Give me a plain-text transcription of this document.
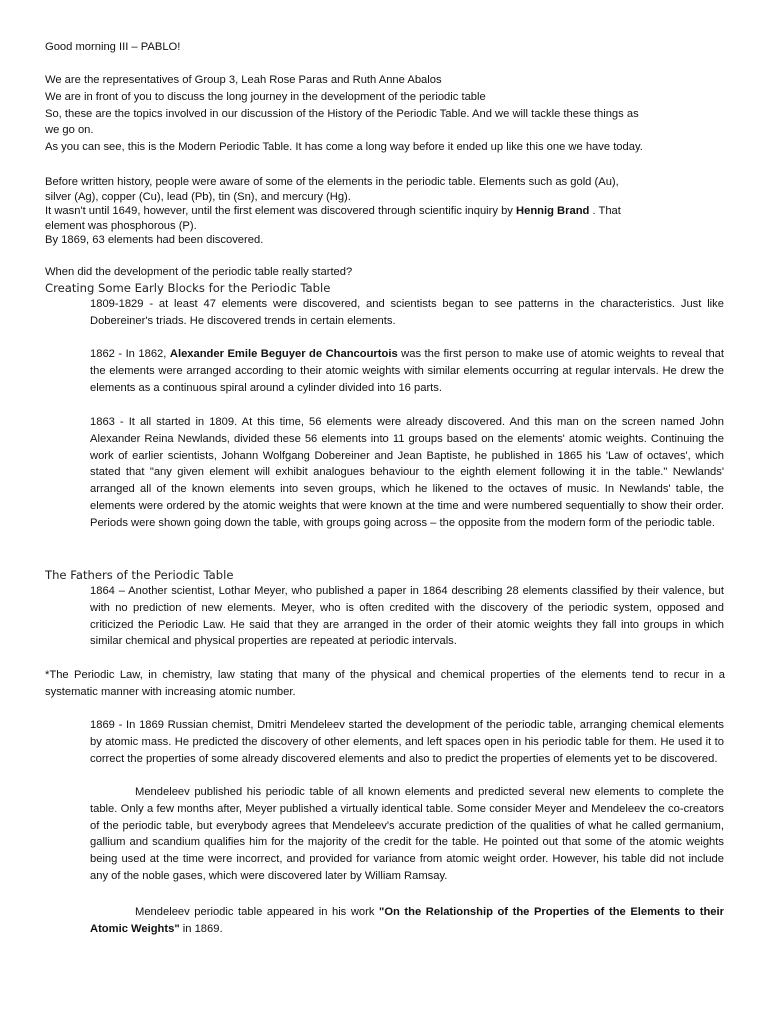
Good morning III – PABLO!
We are the representatives of Group 3, Leah Rose Paras and Ruth Anne Abalos
We are in front of you to discuss the long journey in the development of the periodic table
So, these are the topics involved in our discussion of the History of the Periodic Table. And we will tackle these things as
we go on.
As you can see, this is the Modern Periodic Table. It has come a long way before it ended up like this one we have today.
Before written history, people were aware of some of the elements in the periodic table. Elements such as gold (Au),
silver (Ag), copper (Cu), lead (Pb), tin (Sn), and mercury (Hg).
It wasn't until 1649, however, until the first element was discovered through scientific inquiry by Hennig Brand . That
element was phosphorous (P).
By 1869, 63 elements had been discovered.
When did the development of the periodic table really started?
Creating Some Early Blocks for the Periodic Table
1809-1829 - at least 47 elements were discovered, and scientists began to see patterns in the characteristics. Just like Dobereiner's triads. He discovered trends in certain elements.
1862 - In 1862, Alexander Emile Beguyer de Chancourtois was the first person to make use of atomic weights to reveal that the elements were arranged according to their atomic weights with similar elements occurring at regular intervals. He drew the elements as a continuous spiral around a cylinder divided into 16 parts.
1863 - It all started in 1809. At this time, 56 elements were already discovered. And this man on the screen named John Alexander Reina Newlands, divided these 56 elements into 11 groups based on the elements' atomic weights. Continuing the work of earlier scientists, Johann Wolfgang Dobereiner and Jean Baptiste, he published in 1865 his 'Law of octaves', which stated that "any given element will exhibit analogues behaviour to the eighth element following it in the table." Newlands' arranged all of the known elements into seven groups, which he likened to the octaves of music. In Newlands' table, the elements were ordered by the atomic weights that were known at the time and were numbered sequentially to show their order. Periods were shown going down the table, with groups going across – the opposite from the modern form of the periodic table.
The Fathers of the Periodic Table
1864 – Another scientist, Lothar Meyer, who published a paper in 1864 describing 28 elements classified by their valence, but with no prediction of new elements. Meyer, who is often credited with the discovery of the periodic system, opposed and criticized the Periodic Law. He said that they are arranged in the order of their atomic weights they fall into groups in which similar chemical and physical properties are repeated at periodic intervals.
*The Periodic Law, in chemistry, law stating that many of the physical and chemical properties of the elements tend to recur in a systematic manner with increasing atomic number.
1869 - In 1869 Russian chemist, Dmitri Mendeleev started the development of the periodic table, arranging chemical elements by atomic mass. He predicted the discovery of other elements, and left spaces open in his periodic table for them. He used it to correct the properties of some already discovered elements and also to predict the properties of elements yet to be discovered.
Mendeleev published his periodic table of all known elements and predicted several new elements to complete the table. Only a few months after, Meyer published a virtually identical table. Some consider Meyer and Mendeleev the co-creators of the periodic table, but everybody agrees that Mendeleev's accurate prediction of the qualities of what he called germanium, gallium and scandium qualifies him for the majority of the credit for the table. He pointed out that some of the atomic weights being used at the time were incorrect, and provided for variance from atomic weight order. However, his table did not include any of the noble gases, which were discovered later by William Ramsay.
Mendeleev periodic table appeared in his work "On the Relationship of the Properties of the Elements to their Atomic Weights" in 1869.
